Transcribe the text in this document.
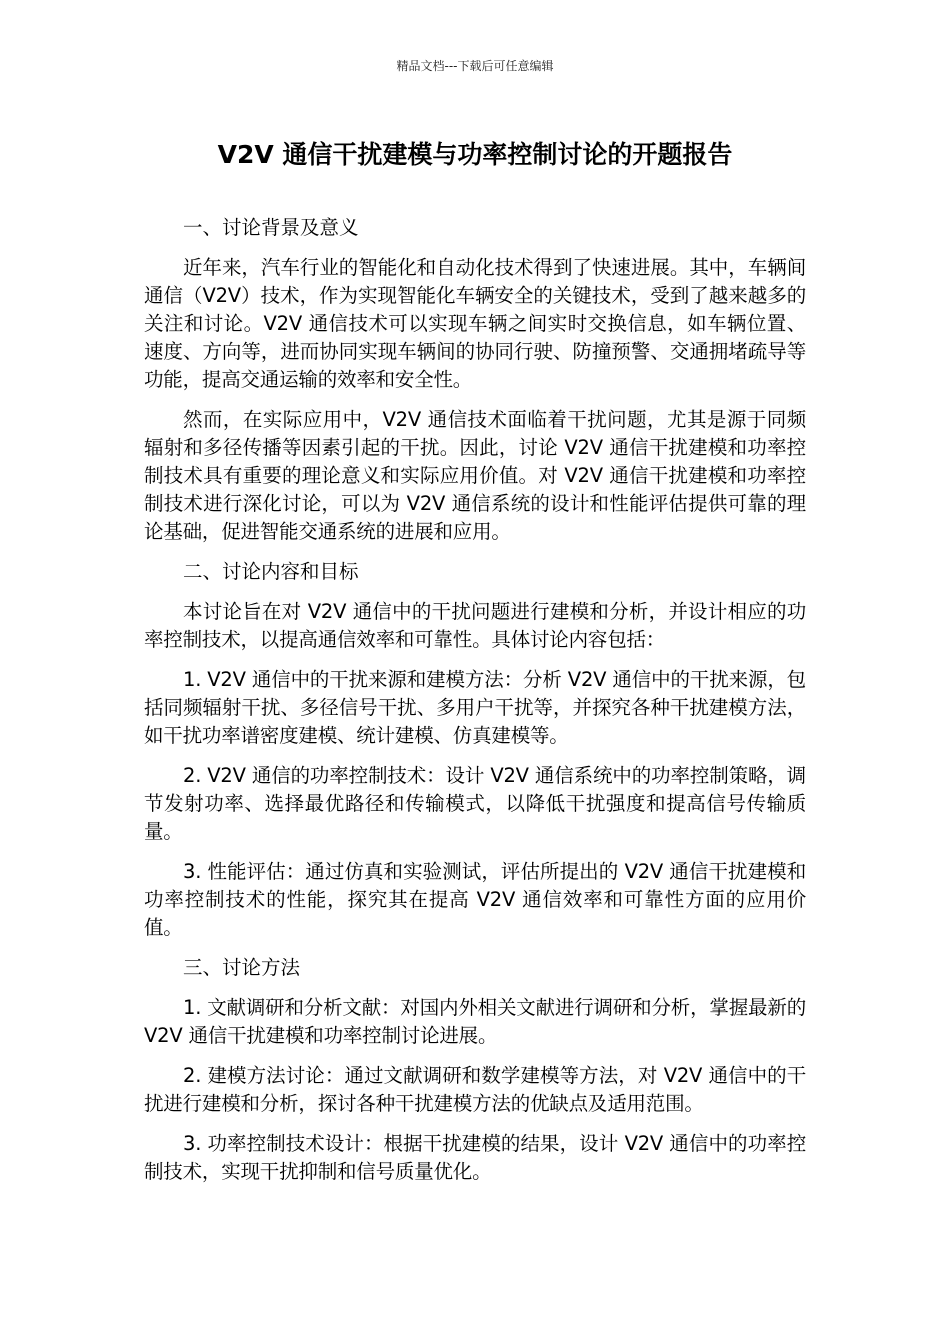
精品文档---下载后可任意编辑
V2V 通信干扰建模与功率控制讨论的开题报告

一、讨论背景及意义

近年来，汽车行业的智能化和自动化技术得到了快速进展。其中，车辆间通信（V2V）技术，作为实现智能化车辆安全的关键技术，受到了越来越多的关注和讨论。V2V 通信技术可以实现车辆之间实时交换信息，如车辆位置、速度、方向等，进而协同实现车辆间的协同行驶、防撞预警、交通拥堵疏导等功能，提高交通运输的效率和安全性。

然而，在实际应用中，V2V 通信技术面临着干扰问题，尤其是源于同频辐射和多径传播等因素引起的干扰。因此，讨论 V2V 通信干扰建模和功率控制技术具有重要的理论意义和实际应用价值。对 V2V 通信干扰建模和功率控制技术进行深化讨论，可以为 V2V 通信系统的设计和性能评估提供可靠的理论基础，促进智能交通系统的进展和应用。

二、讨论内容和目标

本讨论旨在对 V2V 通信中的干扰问题进行建模和分析，并设计相应的功率控制技术，以提高通信效率和可靠性。具体讨论内容包括：

1. V2V 通信中的干扰来源和建模方法：分析 V2V 通信中的干扰来源，包括同频辐射干扰、多径信号干扰、多用户干扰等，并探究各种干扰建模方法，如干扰功率谱密度建模、统计建模、仿真建模等。

2. V2V 通信的功率控制技术：设计 V2V 通信系统中的功率控制策略，调节发射功率、选择最优路径和传输模式，以降低干扰强度和提高信号传输质量。

3. 性能评估：通过仿真和实验测试，评估所提出的 V2V 通信干扰建模和功率控制技术的性能，探究其在提高 V2V 通信效率和可靠性方面的应用价值。

三、讨论方法

1. 文献调研和分析文献：对国内外相关文献进行调研和分析，掌握最新的 V2V 通信干扰建模和功率控制讨论进展。

2. 建模方法讨论：通过文献调研和数学建模等方法，对 V2V 通信中的干扰进行建模和分析，探讨各种干扰建模方法的优缺点及适用范围。

3. 功率控制技术设计：根据干扰建模的结果，设计 V2V 通信中的功率控制技术，实现干扰抑制和信号质量优化。
